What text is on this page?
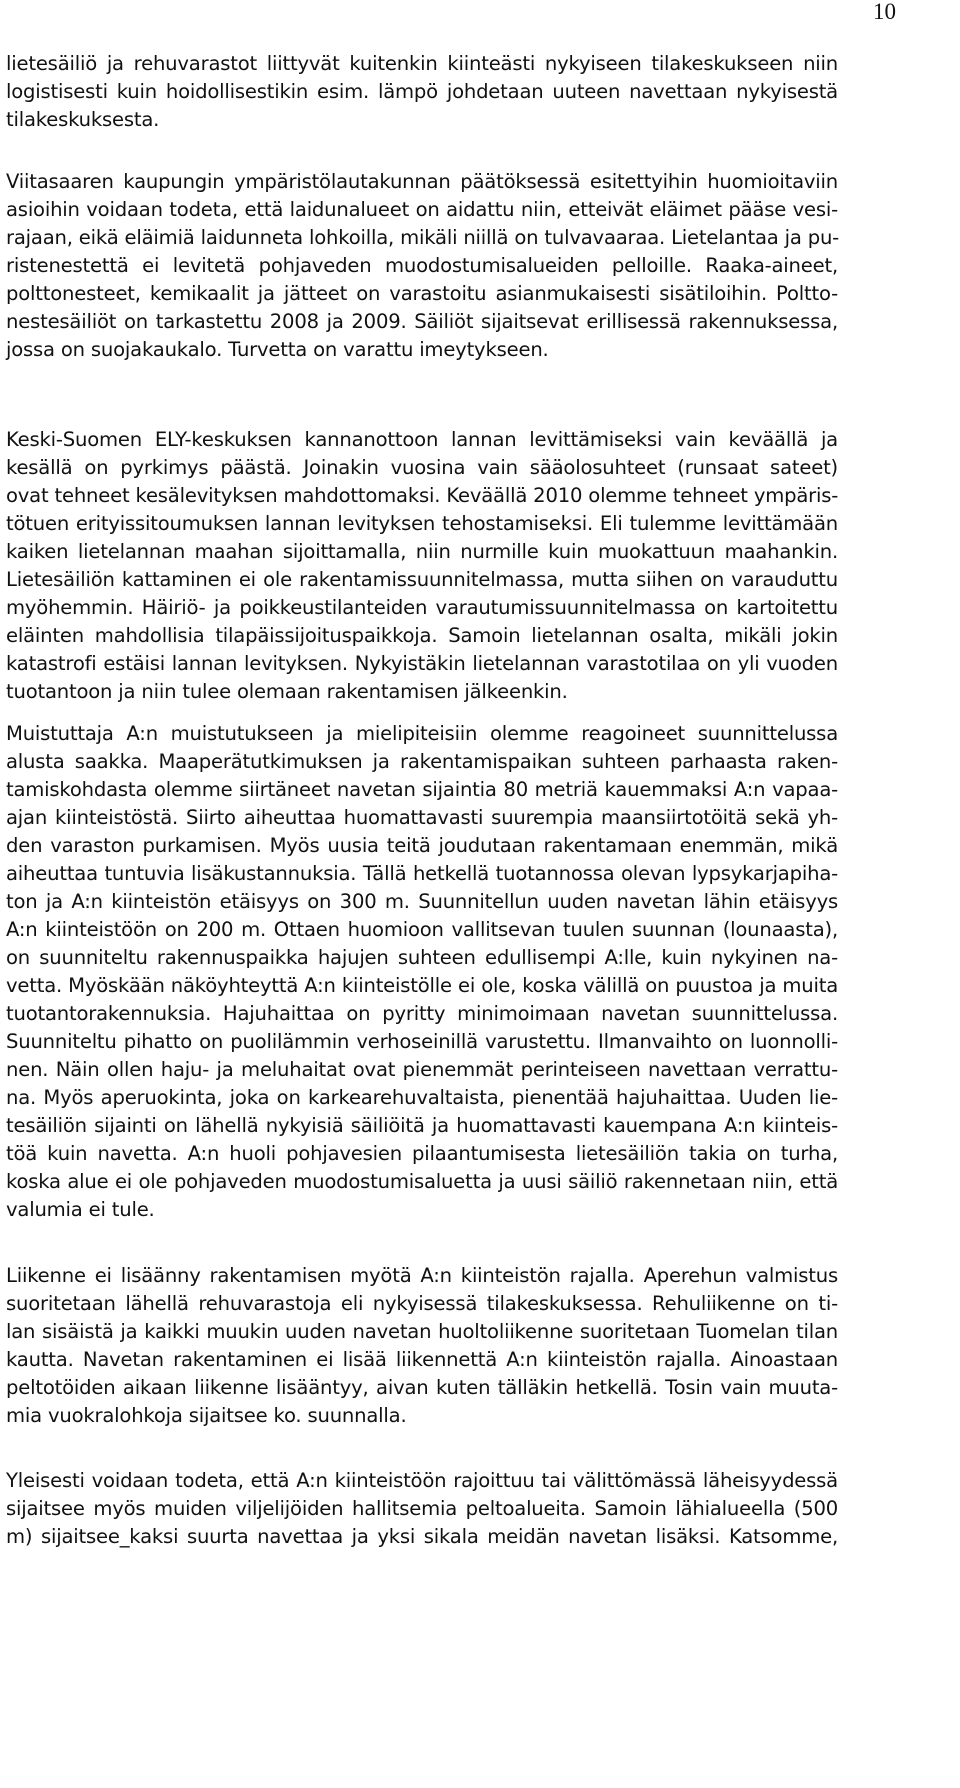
10
lietesäiliö ja rehuvarastot liittyvät kuitenkin kiinteästi nykyiseen tilakeskukseen niin
logistisesti kuin hoidollisestikin esim. lämpö johdetaan uuteen navettaan nykyisestä
tilakeskuksesta.
Viitasaaren kaupungin ympäristölautakunnan päätöksessä esitettyihin huomioitaviin
asioihin voidaan todeta, että laidunalueet on aidattu niin, etteivät eläimet pääse vesi-
rajaan, eikä eläimiä laidunneta lohkoilla, mikäli niillä on tulvavaaraa. Lietelantaa ja pu-
ristenestettä ei levitetä pohjaveden muodostumisalueiden pelloille. Raaka-aineet,
polttonesteet, kemikaalit ja jätteet on varastoitu asianmukaisesti sisätiloihin. Poltto-
nestesäiliöt on tarkastettu 2008 ja 2009. Säiliöt sijaitsevat erillisessä rakennuksessa,
jossa on suojakaukalo. Turvetta on varattu imeytykseen.
Keski-Suomen ELY-keskuksen kannanottoon lannan levittämiseksi vain keväällä ja
kesällä on pyrkimys päästä. Joinakin vuosina vain sääolosuhteet (runsaat sateet)
ovat tehneet kesälevityksen mahdottomaksi. Keväällä 2010 olemme tehneet ympäris-
tötuen erityissitoumuksen lannan levityksen tehostamiseksi. Eli tulemme levittämään
kaiken lietelannan maahan sijoittamalla, niin nurmille kuin muokattuun maahankin.
Lietesäiliön kattaminen ei ole rakentamissuunnitelmassa, mutta siihen on varauduttu
myöhemmin. Häiriö- ja poikkeustilanteiden varautumissuunnitelmassa on kartoitettu
eläinten mahdollisia tilapäissijoituspaikkoja. Samoin lietelannan osalta, mikäli jokin
katastrofi estäisi lannan levityksen. Nykyistäkin lietelannan varastotilaa on yli vuoden
tuotantoon ja niin tulee olemaan rakentamisen jälkeenkin.
Muistuttaja A:n muistutukseen ja mielipiteisiin olemme reagoineet suunnittelussa
alusta saakka. Maaperätutkimuksen ja rakentamispaikan suhteen parhaasta raken-
tamiskohdasta olemme siirtäneet navetan sijaintia 80 metriä kauemmaksi A:n vapaa-
ajan kiinteistöstä. Siirto aiheuttaa huomattavasti suurempia maansiirtotöitä sekä yh-
den varaston purkamisen. Myös uusia teitä joudutaan rakentamaan enemmän, mikä
aiheuttaa tuntuvia lisäkustannuksia. Tällä hetkellä tuotannossa olevan lypsykarjapiha-
ton ja A:n kiinteistön etäisyys on 300 m. Suunnitellun uuden navetan lähin etäisyys
A:n kiinteistöön on 200 m. Ottaen huomioon vallitsevan tuulen suunnan (lounaasta),
on suunniteltu rakennuspaikka hajujen suhteen edullisempi A:lle, kuin nykyinen na-
vetta. Myöskään näköyhteyttä A:n kiinteistölle ei ole, koska välillä on puustoa ja muita
tuotantorakennuksia. Hajuhaittaa on pyritty minimoimaan navetan suunnittelussa.
Suunniteltu pihatto on puolilämmin verhoseinillä varustettu. Ilmanvaihto on luonnolli-
nen. Näin ollen haju- ja meluhaitat ovat pienemmät perinteiseen navettaan verrattu-
na. Myös aperuokinta, joka on karkearehuvaltaista, pienentää hajuhaittaa. Uuden lie-
tesäiliön sijainti on lähellä nykyisiä säiliöitä ja huomattavasti kauempana A:n kiinteis-
töä kuin navetta. A:n huoli pohjavesien pilaantumisesta lietesäiliön takia on turha,
koska alue ei ole pohjaveden muodostumisaluetta ja uusi säiliö rakennetaan niin, että
valumia ei tule.
Liikenne ei lisäänny rakentamisen myötä A:n kiinteistön rajalla. Aperehun valmistus
suoritetaan lähellä rehuvarastoja eli nykyisessä tilakeskuksessa. Rehuliikenne on ti-
lan sisäistä ja kaikki muukin uuden navetan huoltoliikenne suoritetaan Tuomelan tilan
kautta. Navetan rakentaminen ei lisää liikennettä A:n kiinteistön rajalla. Ainoastaan
peltotöiden aikaan liikenne lisääntyy, aivan kuten tälläkin hetkellä. Tosin vain muuta-
mia vuokralohkoja sijaitsee ko. suunnalla.
Yleisesti voidaan todeta, että A:n kiinteistöön rajoittuu tai välittömässä läheisyydessä
sijaitsee myös muiden viljelijöiden hallitsemia peltoalueita. Samoin lähialueella (500
m) sijaitsee_kaksi suurta navettaa ja yksi sikala meidän navetan lisäksi. Katsomme,
